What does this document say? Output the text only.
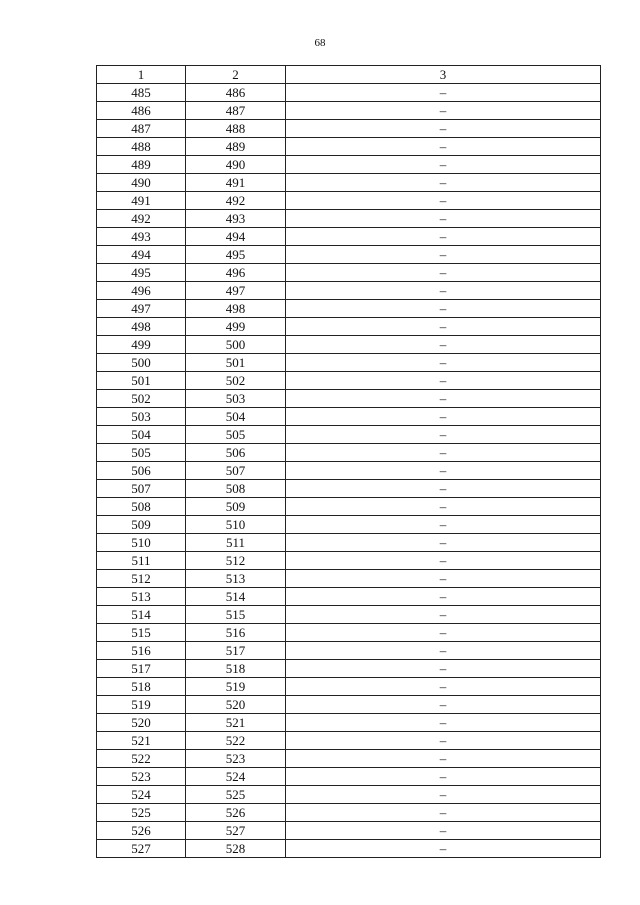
68
1	2	3
485	486	–
486	487	–
487	488	–
488	489	–
489	490	–
490	491	–
491	492	–
492	493	–
493	494	–
494	495	–
495	496	–
496	497	–
497	498	–
498	499	–
499	500	–
500	501	–
501	502	–
502	503	–
503	504	–
504	505	–
505	506	–
506	507	–
507	508	–
508	509	–
509	510	–
510	511	–
511	512	–
512	513	–
513	514	–
514	515	–
515	516	–
516	517	–
517	518	–
518	519	–
519	520	–
520	521	–
521	522	–
522	523	–
523	524	–
524	525	–
525	526	–
526	527	–
527	528	–
